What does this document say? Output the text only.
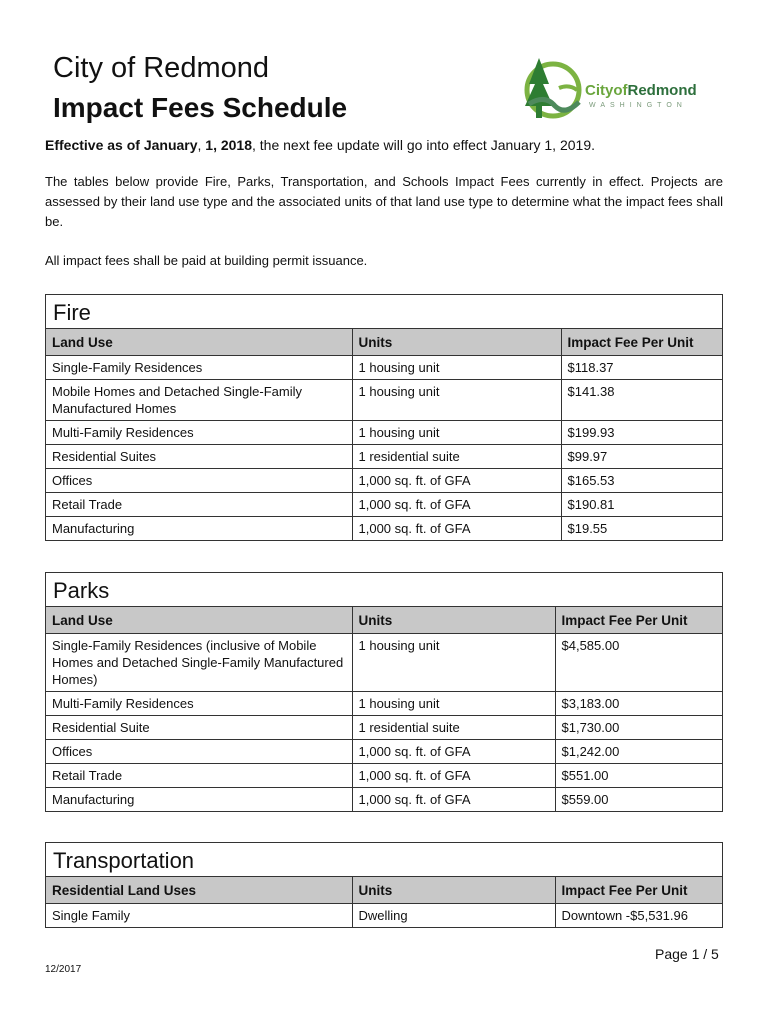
City of Redmond
Impact Fees Schedule
CityofRedmond
WASHINGTON
Effective as of January, 1, 2018, the next fee update will go into effect January 1, 2019.
The tables below provide Fire, Parks, Transportation, and Schools Impact Fees currently in effect. Projects are assessed by their land use type and the associated units of that land use type to determine what the impact fees shall be.
All impact fees shall be paid at building permit issuance.
Fire
Land Use	Units	Impact Fee Per Unit
Single-Family Residences	1 housing unit	$118.37
Mobile Homes and Detached Single-Family Manufactured Homes	1 housing unit	$141.38
Multi-Family Residences	1 housing unit	$199.93
Residential Suites	1 residential suite	$99.97
Offices	1,000 sq. ft. of GFA	$165.53
Retail Trade	1,000 sq. ft. of GFA	$190.81
Manufacturing	1,000 sq. ft. of GFA	$19.55
Parks
Land Use	Units	Impact Fee Per Unit
Single-Family Residences (inclusive of Mobile Homes and Detached Single-Family Manufactured Homes)	1 housing unit	$4,585.00
Multi-Family Residences	1 housing unit	$3,183.00
Residential Suite	1 residential suite	$1,730.00
Offices	1,000 sq. ft. of GFA	$1,242.00
Retail Trade	1,000 sq. ft. of GFA	$551.00
Manufacturing	1,000 sq. ft. of GFA	$559.00
Transportation
Residential Land Uses	Units	Impact Fee Per Unit
Single Family	Dwelling	Downtown -$5,531.96
Page 1 / 5
12/2017
